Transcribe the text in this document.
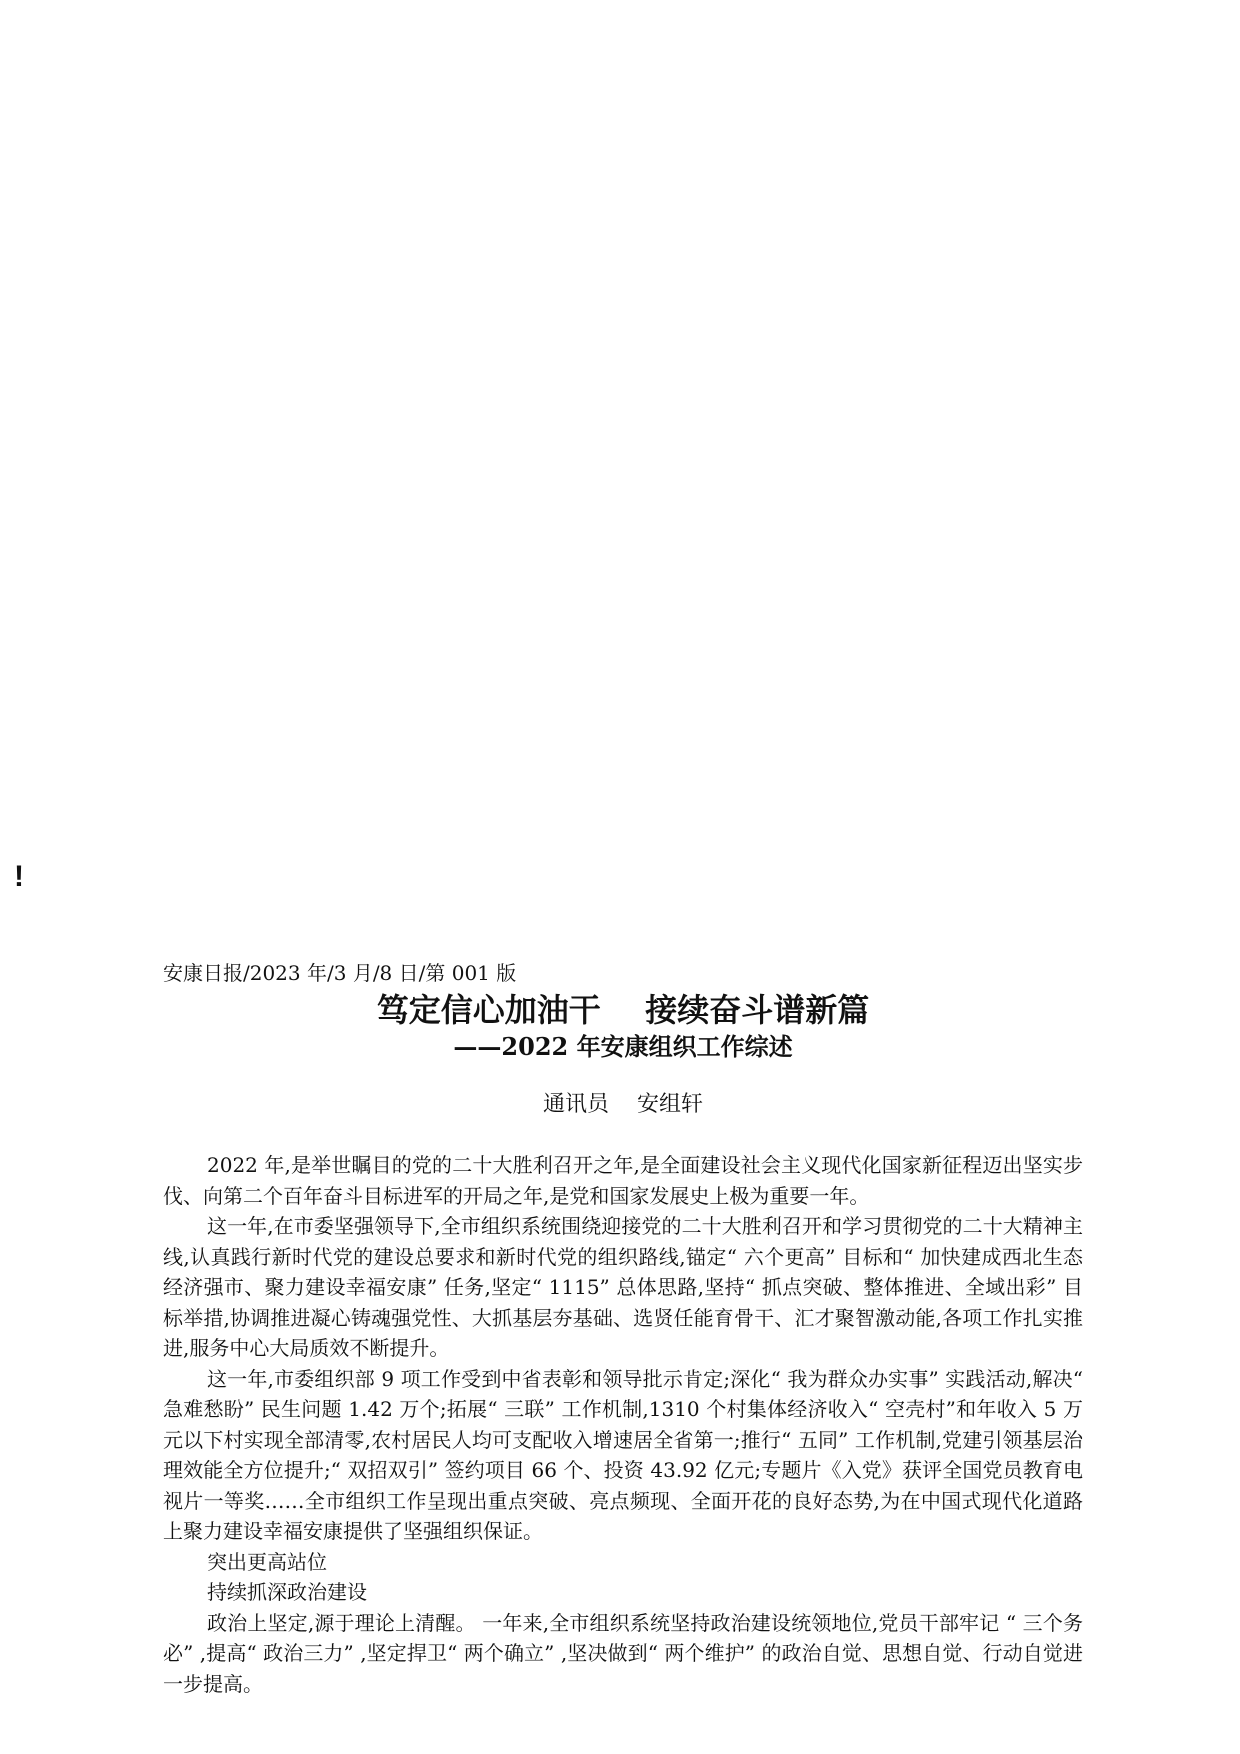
!

安康日报/2023 年/3 月/8 日/第 001 版

笃定信心加油干    接续奋斗谱新篇
——2022 年安康组织工作综述

通讯员    安组轩

2022 年,是举世瞩目的党的二十大胜利召开之年,是全面建设社会主义现代化国家新征程迈出坚实步伐、向第二个百年奋斗目标进军的开局之年,是党和国家发展史上极为重要一年。

这一年,在市委坚强领导下,全市组织系统围绕迎接党的二十大胜利召开和学习贯彻党的二十大精神主线,认真践行新时代党的建设总要求和新时代党的组织路线,锚定“ 六个更高” 目标和“ 加快建成西北生态经济强市、聚力建设幸福安康” 任务,坚定“ 1115” 总体思路,坚持“ 抓点突破、整体推进、全域出彩” 目标举措,协调推进凝心铸魂强党性、大抓基层夯基础、选贤任能育骨干、汇才聚智激动能,各项工作扎实推进,服务中心大局质效不断提升。

这一年,市委组织部 9 项工作受到中省表彰和领导批示肯定;深化“ 我为群众办实事” 实践活动,解决“ 急难愁盼” 民生问题 1.42 万个;拓展“ 三联” 工作机制,1310 个村集体经济收入“ 空壳村”和年收入 5 万元以下村实现全部清零,农村居民人均可支配收入增速居全省第一;推行“ 五同” 工作机制,党建引领基层治理效能全方位提升;“ 双招双引” 签约项目 66 个、投资 43.92 亿元;专题片《入党》获评全国党员教育电视片一等奖……全市组织工作呈现出重点突破、亮点频现、全面开花的良好态势,为在中国式现代化道路上聚力建设幸福安康提供了坚强组织保证。

突出更高站位

持续抓深政治建设

政治上坚定,源于理论上清醒。 一年来,全市组织系统坚持政治建设统领地位,党员干部牢记 “ 三个务必” ,提高“ 政治三力” ,坚定捍卫“ 两个确立” ,坚决做到“ 两个维护” 的政治自觉、思想自觉、行动自觉进一步提高。
